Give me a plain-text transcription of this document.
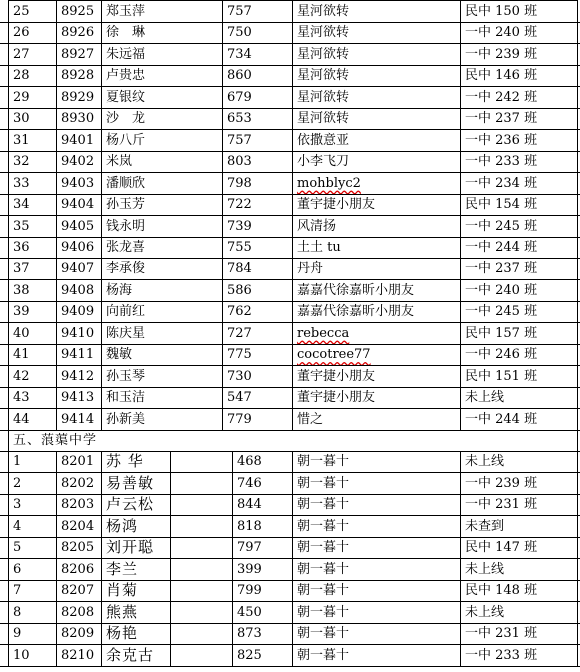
25	8925 郑玉萍	757	星河欲转	民中 150 班
26	8926 徐　琳	750	星河欲转	一中 240 班
27	8927 朱远福	734	星河欲转	一中 239 班
28	8928 卢贵忠	860	星河欲转	民中 146 班
29	8929 夏银纹	679	星河欲转	一中 242 班
30	8930 沙　龙	653	星河欲转	一中 237 班
31	9401 杨八斤	757	依撒意亚	一中 236 班
32	9402 米岚	803	小李飞刀	一中 233 班
33	9403 潘顺欣	798	mohblyc2	一中 234 班
34	9404 孙玉芳	722	董宇捷小朋友	民中 154 班
35	9405 钱永明	739	风清扬	一中 245 班
36	9406 张龙喜	755	土土 tu	一中 244 班
37	9407 李承俊	784	丹舟	一中 237 班
38	9408 杨海	586	嘉嘉代徐嘉昕小朋友	一中 240 班
39	9409 向前红	762	嘉嘉代徐嘉昕小朋友	一中 245 班
40	9410 陈庆星	727	rebecca	民中 157 班
41	9411 魏敏	775	cocotree77	一中 246 班
42	9412 孙玉琴	730	董宇捷小朋友	民中 151 班
43	9413 和玉洁	547	董宇捷小朋友	未上线
44	9414 孙新美	779	惜之	一中 244 班
五、蒗蕖中学
1	8201 苏 华	468	朝一暮十	未上线
2	8202 易善敏	746	朝一暮十	一中 239 班
3	8203 卢云松	844	朝一暮十	一中 231 班
4	8204 杨鸿	818	朝一暮十	未查到
5	8205 刘开聪	797	朝一暮十	民中 147 班
6	8206 李兰	399	朝一暮十	未上线
7	8207 肖菊	799	朝一暮十	民中 148 班
8	8208 熊燕	450	朝一暮十	未上线
9	8209 杨艳	873	朝一暮十	一中 231 班
10	8210 余克古	825	朝一暮十	一中 233 班
